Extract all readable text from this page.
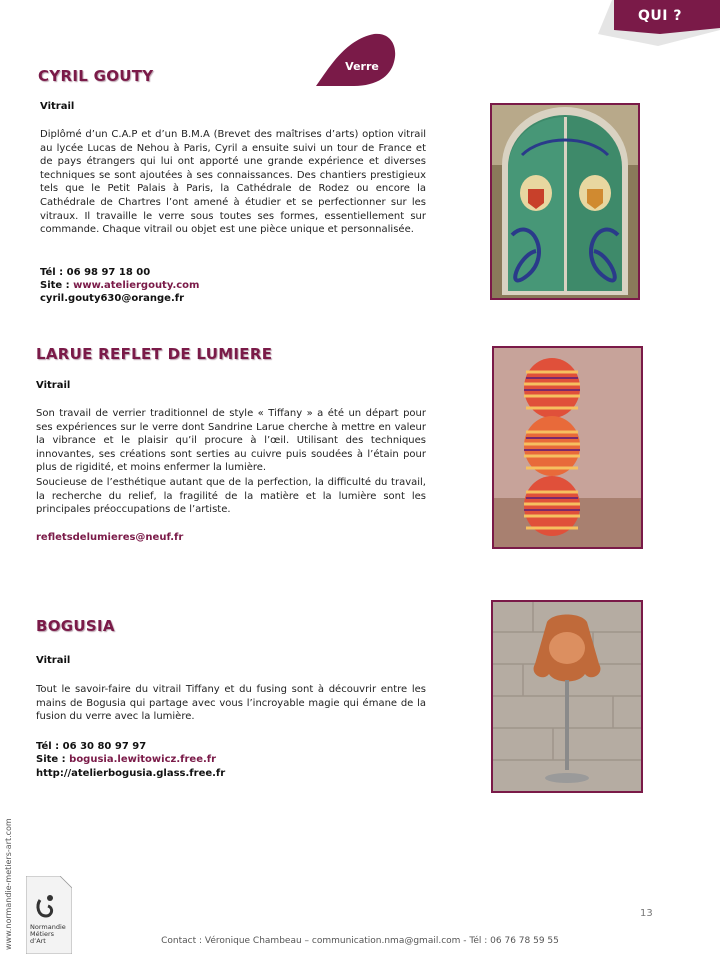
QUI ?
Verre
CYRIL GOUTY
Vitrail

Diplômé d’un C.A.P et d’un B.M.A (Brevet des maîtrises d’arts) option vitrail au lycée Lucas de Nehou à Paris, Cyril a ensuite suivi un tour de France et de pays étrangers qui lui ont apporté une grande expérience et diverses techniques se sont ajoutées à ses connaissances. Des chantiers prestigieux tels que le Petit Palais à Paris, la Cathédrale de Rodez ou encore la Cathédrale de Chartres l’ont amené à étudier et se perfectionner sur les vitraux. Il travaille le verre sous toutes ses formes, essentiellement sur commande. Chaque vitrail ou objet est une pièce unique et personnalisée.

Tél : 06 98 97 18 00
Site : www.ateliergouty.com
cyril.gouty630@orange.fr
LARUE REFLET DE LUMIERE
Vitrail

Son travail de verrier traditionnel de style « Tiffany » a été un départ pour ses expériences sur le verre dont Sandrine Larue cherche à mettre en valeur la vibrance et le plaisir qu’il procure à l’œil. Utilisant des techniques innovantes, ses créations sont serties au cuivre puis soudées à l’étain pour plus de rigidité, et moins enfermer la lumière.

Soucieuse de l’esthétique autant que de la perfection, la difficulté du travail, la recherche du relief, la fragilité de la matière et la lumière sont les principales préoccupations de l’artiste.

refletsdelumieres@neuf.fr
BOGUSIA
Vitrail

Tout le savoir-faire du vitrail Tiffany et du fusing sont à découvrir entre les mains de Bogusia qui partage avec vous l’incroyable magie qui émane de la fusion du verre avec la lumière.

Tél : 06 30 80 97 97
Site : bogusia.lewitowicz.free.fr
http://atelierbogusia.glass.free.fr
www.normandie-metiers-art.com	Normandie
Métiers
d’Art
13
Contact : Véronique Chambeau – communication.nma@gmail.com - Tél : 06 76 78 59 55
